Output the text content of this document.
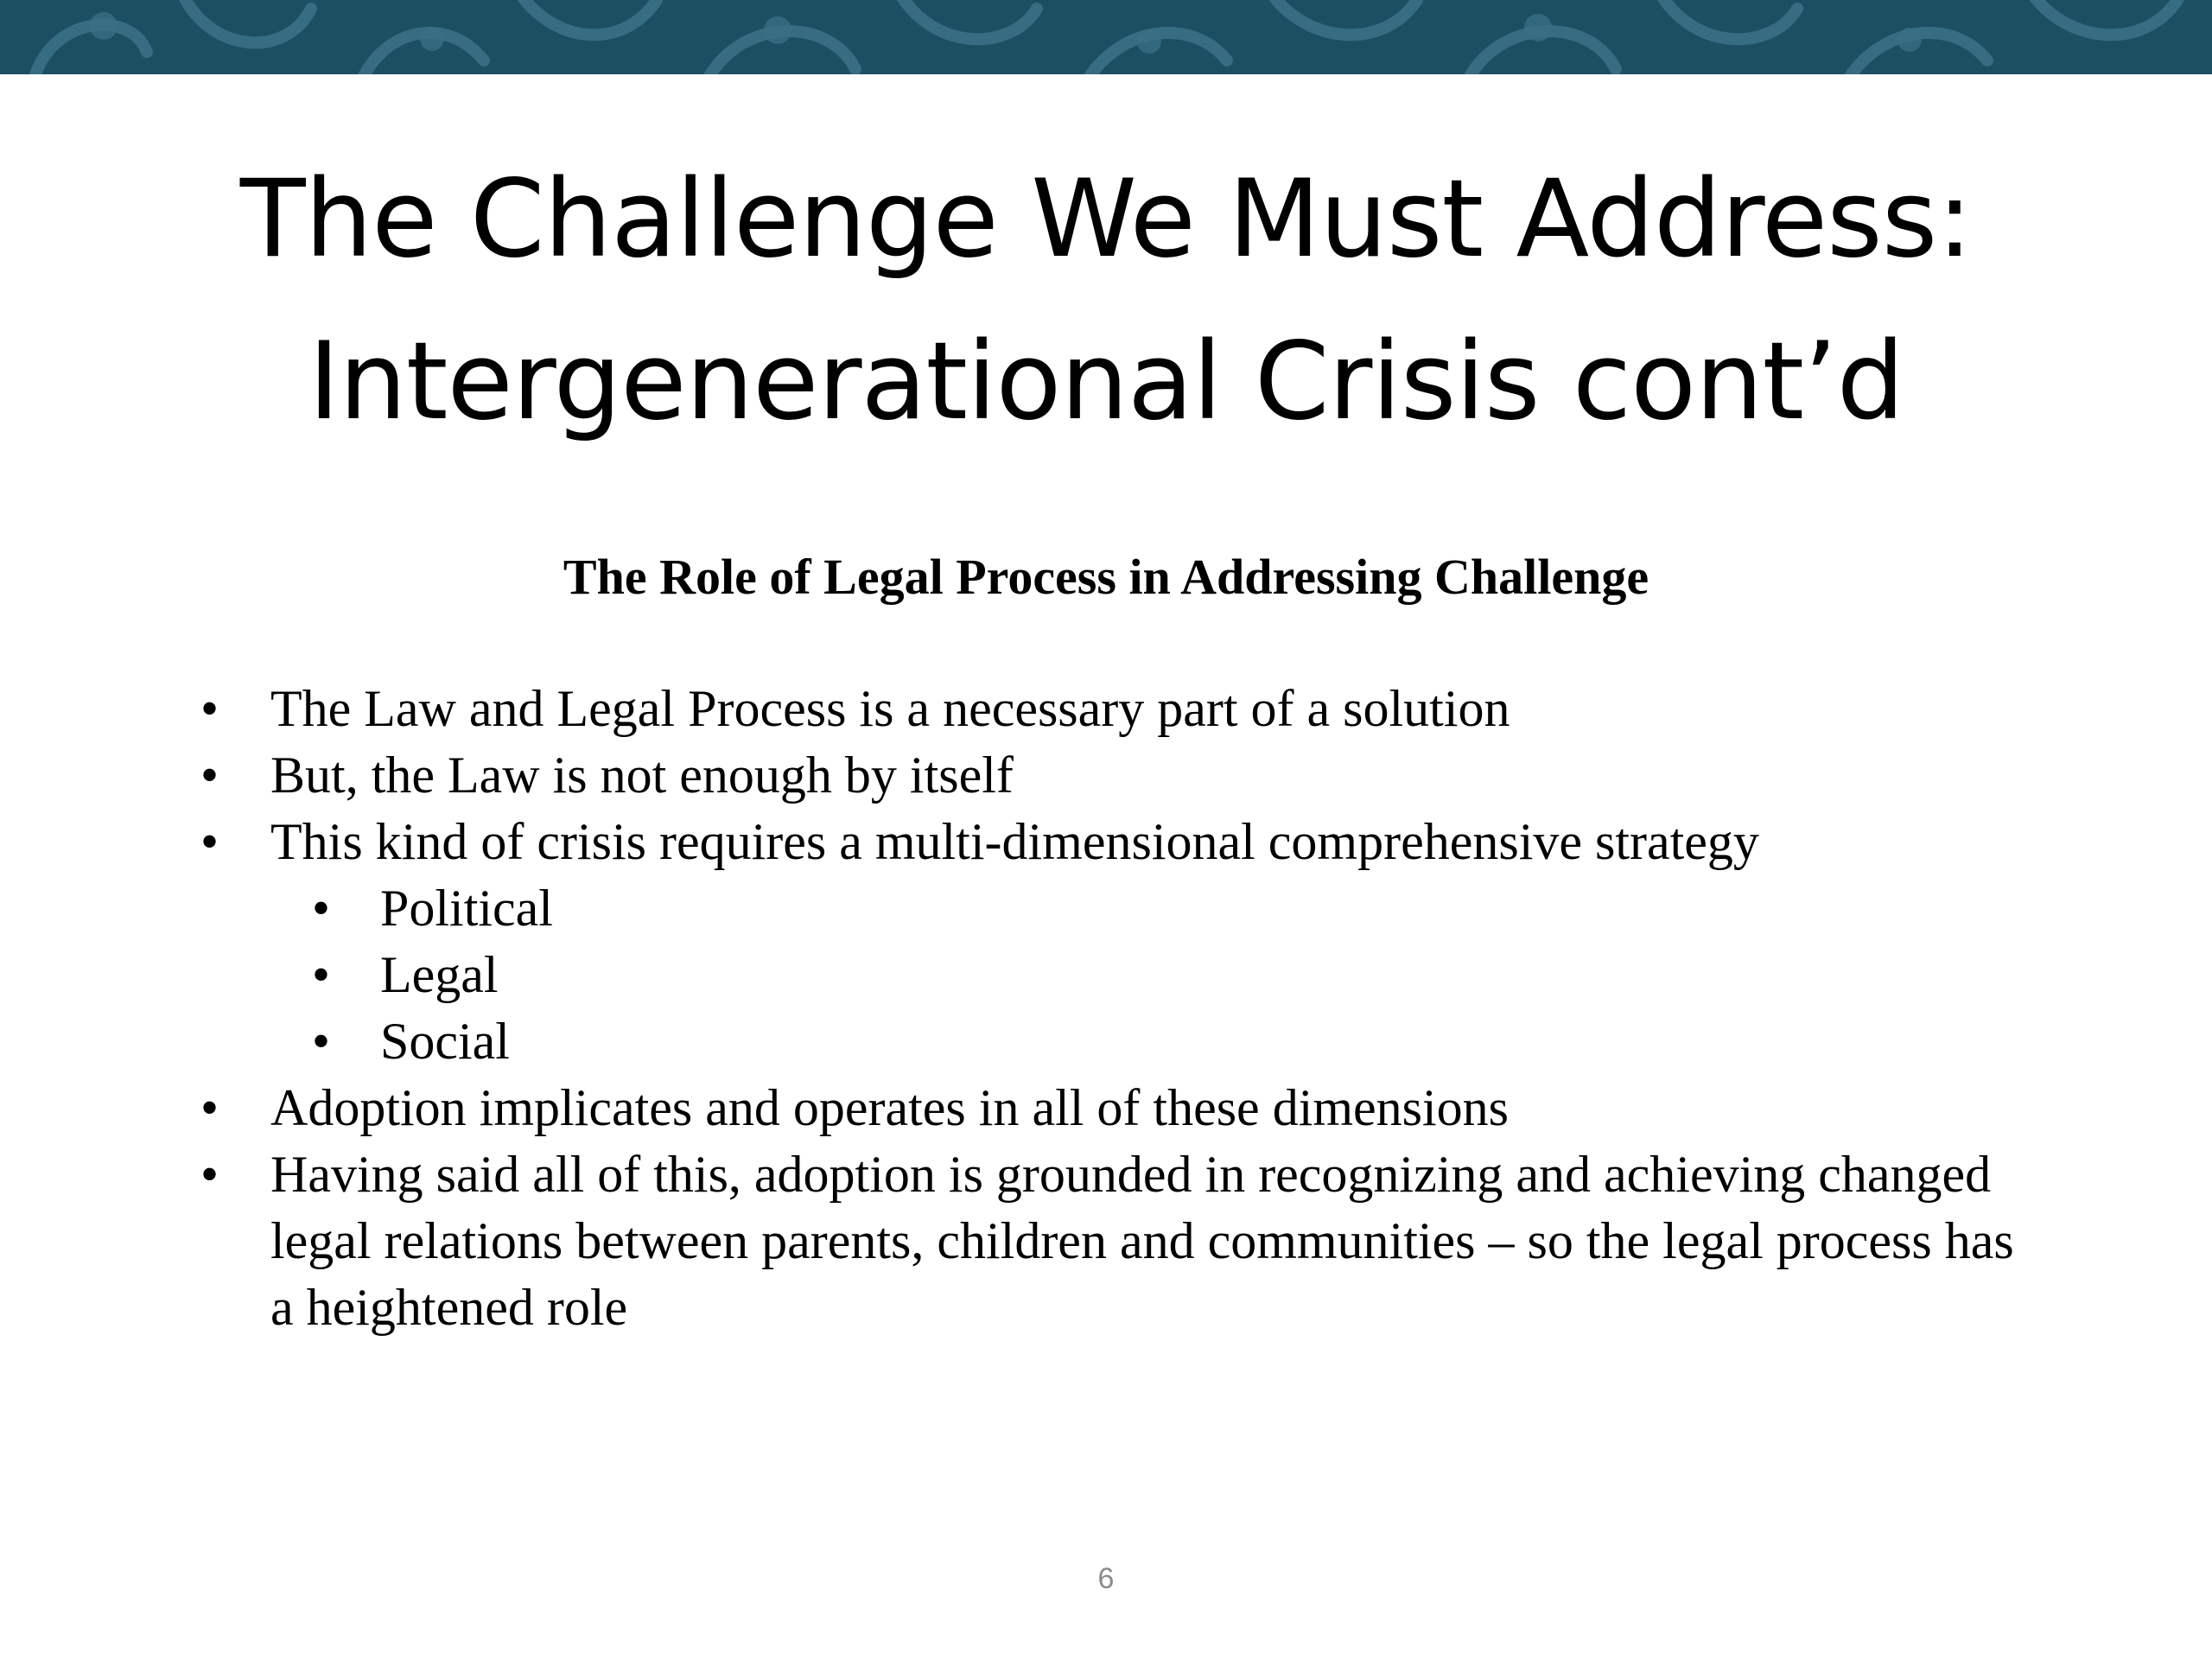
The Challenge We Must Address:
Intergenerational Crisis cont’d

The Role of Legal Process in Addressing Challenge

• The Law and Legal Process is a necessary part of a solution
• But, the Law is not enough by itself
• This kind of crisis requires a multi-dimensional comprehensive strategy
• Political
• Legal
• Social
• Adoption implicates and operates in all of these dimensions
• Having said all of this, adoption is grounded in recognizing and achieving changed legal relations between parents, children and communities – so the legal process has a heightened role

6
